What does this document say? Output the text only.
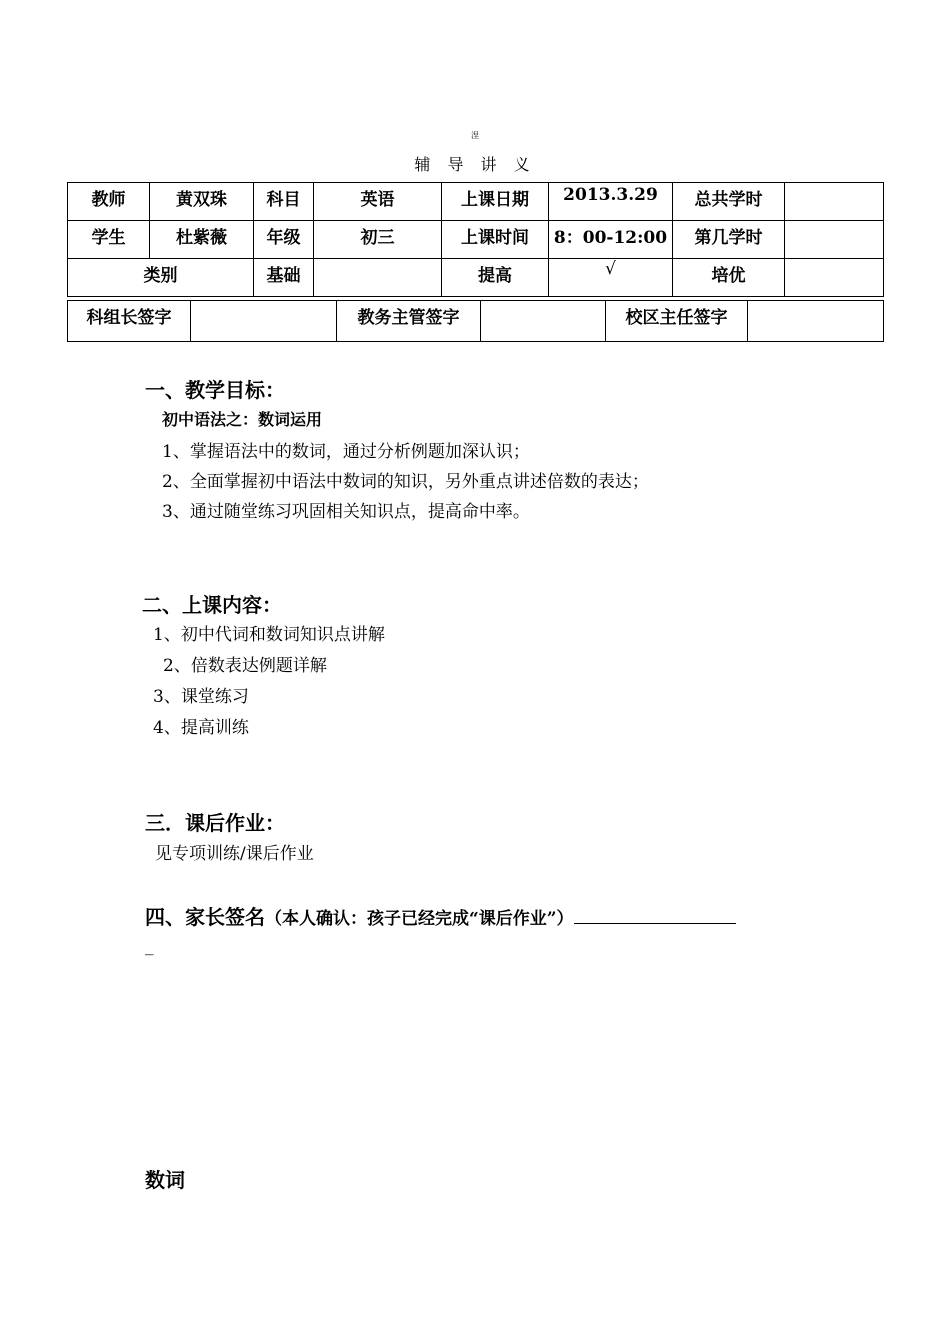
涅
辅 导 讲 义
教师	黄双珠	科目	英语	上课日期	2013.3.29	总共学时	
学生	杜紫薇	年级	初三	上课时间	8：00-12:00	第几学时	
类别		基础		提高	√	培优	
科组长签字		教务主管签字		校区主任签字	
一、教学目标：
初中语法之：数词运用
1、掌握语法中的数词，通过分析例题加深认识；
2、全面掌握初中语法中数词的知识，另外重点讲述倍数的表达；
3、通过随堂练习巩固相关知识点，提高命中率。
二、上课内容：
1、初中代词和数词知识点讲解
2、倍数表达例题详解
3、课堂练习
4、提高训练
三．课后作业：
见专项训练/课后作业
四、家长签名（本人确认：孩子已经完成“课后作业”）
_
数词
